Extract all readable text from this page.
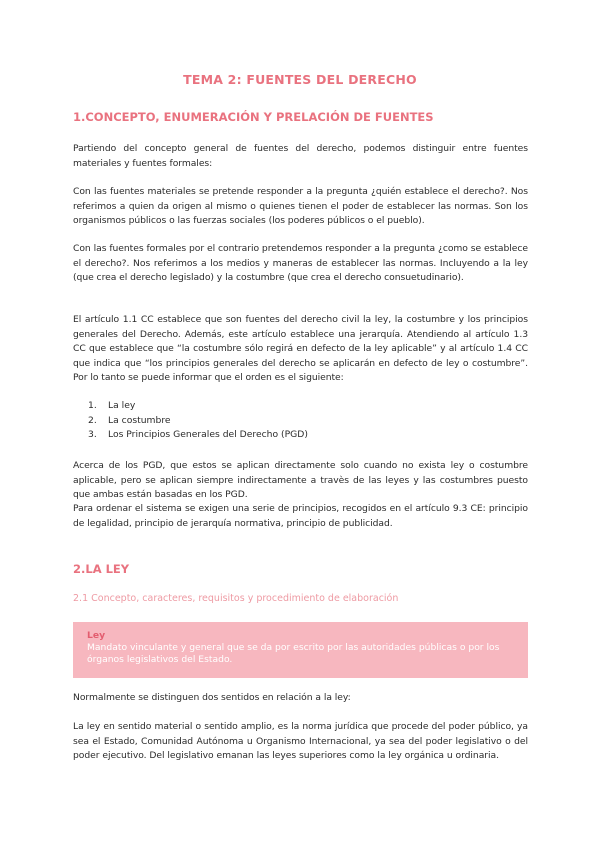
TEMA 2: FUENTES DEL DERECHO
1.CONCEPTO, ENUMERACIÓN Y PRELACIÓN DE FUENTES

Partiendo del concepto general de fuentes del derecho, podemos distinguir entre fuentes materiales y fuentes formales:

Con las fuentes materiales se pretende responder a la pregunta ¿quién establece el derecho?. Nos referimos a quien da origen al mismo o quienes tienen el poder de establecer las normas. Son los organismos públicos o las fuerzas sociales (los poderes públicos o el pueblo).

Con las fuentes formales por el contrario pretendemos responder a la pregunta ¿como se establece el derecho?. Nos referimos a los medios y maneras de establecer las normas. Incluyendo a la ley (que crea el derecho legislado) y la costumbre (que crea el derecho consuetudinario).

El artículo 1.1 CC establece que son fuentes del derecho civil la ley, la costumbre y los principios generales del Derecho. Además, este artículo establece una jerarquía. Atendiendo al artículo 1.3 CC que establece que “la costumbre sólo regirá en defecto de la ley aplicable” y al artículo 1.4 CC que indica que “los principios generales del derecho se aplicarán en defecto de ley o costumbre”. Por lo tanto se puede informar que el orden es el siguiente:

1.	La ley
2.	La costumbre
3.	Los Principios Generales del Derecho (PGD)

Acerca de los PGD, que estos se aplican directamente solo cuando no exista ley o costumbre aplicable, pero se aplican siempre indirectamente a travès de las leyes y las costumbres puesto que ambas están basadas en los PGD.

Para ordenar el sistema se exigen una serie de principios, recogidos en el artículo 9.3 CE: principio de legalidad, principio de jerarquía normativa, principio de publicidad.

2.LA LEY
2.1 Concepto, caracteres, requisitos y procedimiento de elaboración
Ley
Mandato vinculante y general que se da por escrito por las autoridades públicas o por los órganos legislativos del Estado.

Normalmente se distinguen dos sentidos en relación a la ley:

La ley en sentido material o sentido amplio, es la norma jurídica que procede del poder público, ya sea el Estado, Comunidad Autónoma u Organismo Internacional, ya sea del poder legislativo o del poder ejecutivo. Del legislativo emanan las leyes superiores como la ley orgánica u ordinaria.
